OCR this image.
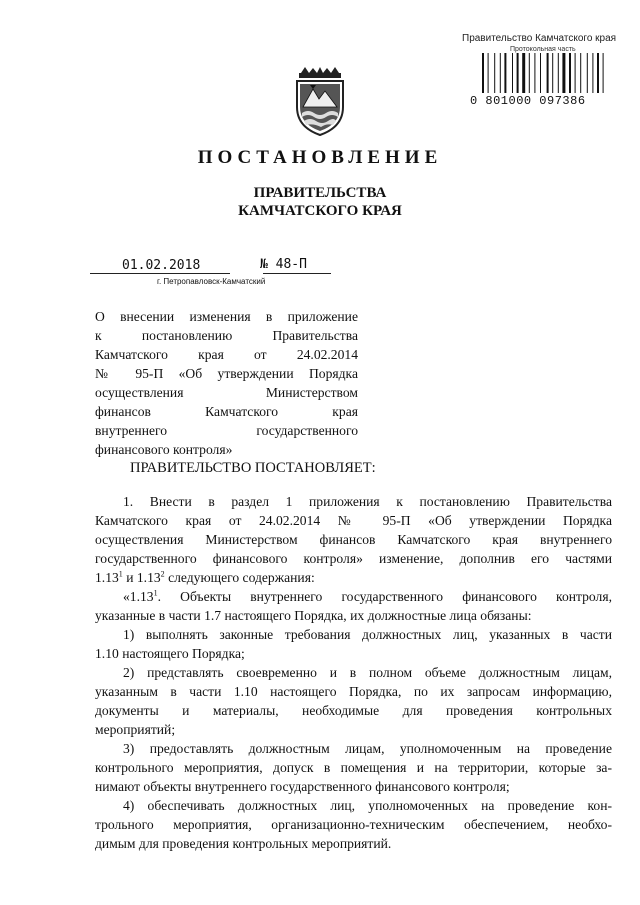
Правительство Камчатского края
Протокольная часть
0 801000 097386
ПОСТАНОВЛЕНИЕ
ПРАВИТЕЛЬСТВА
КАМЧАТСКОГО КРАЯ
01.02.2018	№ 48-П
г. Петропавловск-Камчатский
О внесении изменения в приложение
к постановлению Правительства
Камчатского края от 24.02.2014
№ 95-П «Об утверждении Порядка
осуществления Министерством
финансов Камчатского края
внутреннего государственного
финансового контроля»
ПРАВИТЕЛЬСТВО ПОСТАНОВЛЯЕТ:
1. Внести в раздел 1 приложения к постановлению Правительства
Камчатского края от 24.02.2014 № 95-П «Об утверждении Порядка
осуществления Министерством финансов Камчатского края внутреннего
государственного финансового контроля» изменение, дополнив его частями
1.13$^1$ и 1.13$^2$ следующего содержания:
«1.13$^1$. Объекты внутреннего государственного финансового контроля,
указанные в части 1.7 настоящего Порядка, их должностные лица обязаны:
1) выполнять законные требования должностных лиц, указанных в части
1.10 настоящего Порядка;
2) представлять своевременно и в полном объеме должностным лицам,
указанным в части 1.10 настоящего Порядка, по их запросам информацию,
документы и материалы, необходимые для проведения контрольных
мероприятий;
3) предоставлять должностным лицам, уполномоченным на проведение
контрольного мероприятия, допуск в помещения и на территории, которые за-
нимают объекты внутреннего государственного финансового контроля;
4) обеспечивать должностных лиц, уполномоченных на проведение кон-
трольного мероприятия, организационно-техническим обеспечением, необхо-
димым для проведения контрольных мероприятий.
